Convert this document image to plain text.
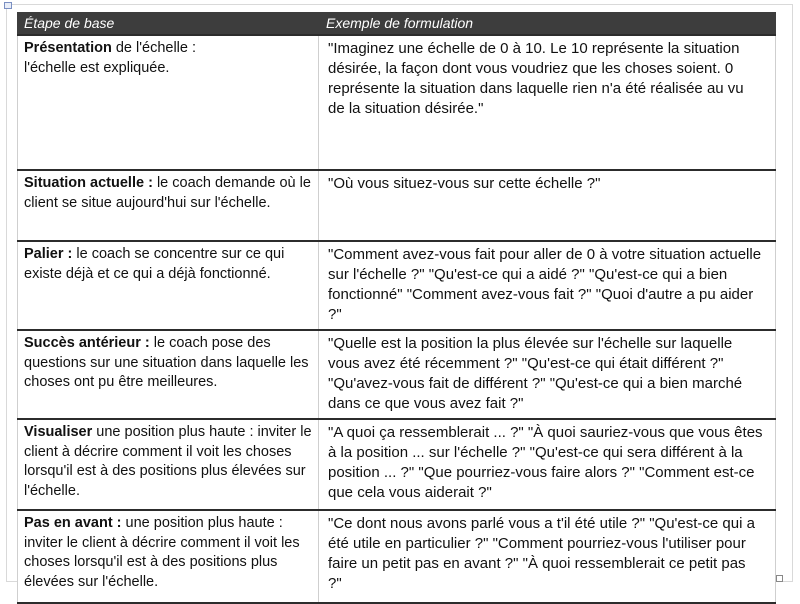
Étape de base	Exemple de formulation
Présentation de l'échelle :
l'échelle est expliquée.	"Imaginez une échelle de 0 à 10. Le 10 représente la situation désirée, la façon dont vous voudriez que les choses soient. 0 représente la situation dans laquelle rien n'a été réalisée au vu de la situation désirée."
Situation actuelle : le coach demande où le client se situe aujourd'hui sur l'échelle.	"Où vous situez-vous sur cette échelle ?"
Palier : le coach se concentre sur ce qui existe déjà et ce qui a déjà fonctionné.	"Comment avez-vous fait pour aller de 0 à votre situation actuelle sur l'échelle ?" "Qu'est-ce qui a aidé ?" "Qu'est-ce qui a bien fonctionné" "Comment avez-vous fait ?" "Quoi d'autre a pu aider ?"
Succès antérieur : le coach pose des questions sur une situation dans laquelle les choses ont pu être meilleures.	"Quelle est la position la plus élevée sur l'échelle sur laquelle vous avez été récemment ?" "Qu'est-ce qui était différent ?" "Qu'avez-vous fait de différent ?" "Qu'est-ce qui a bien marché dans ce que vous avez fait ?"
Visualiser une position plus haute : inviter le client à décrire comment il voit les choses lorsqu'il est à des positions plus élevées sur l'échelle.	"A quoi ça ressemblerait ... ?" "À quoi sauriez-vous que vous êtes à la position ... sur l'échelle ?" "Qu'est-ce qui sera différent à la position ... ?" "Que pourriez-vous faire alors ?" "Comment est-ce que cela vous aiderait ?"
Pas en avant : une position plus haute : inviter le client à décrire comment il voit les choses lorsqu'il est à des positions plus élevées sur l'échelle.	"Ce dont nous avons parlé vous a t'il été utile ?" "Qu'est-ce qui a été utile en particulier ?" "Comment pourriez-vous l'utiliser pour faire un petit pas en avant ?" "À quoi ressemblerait ce petit pas ?"
